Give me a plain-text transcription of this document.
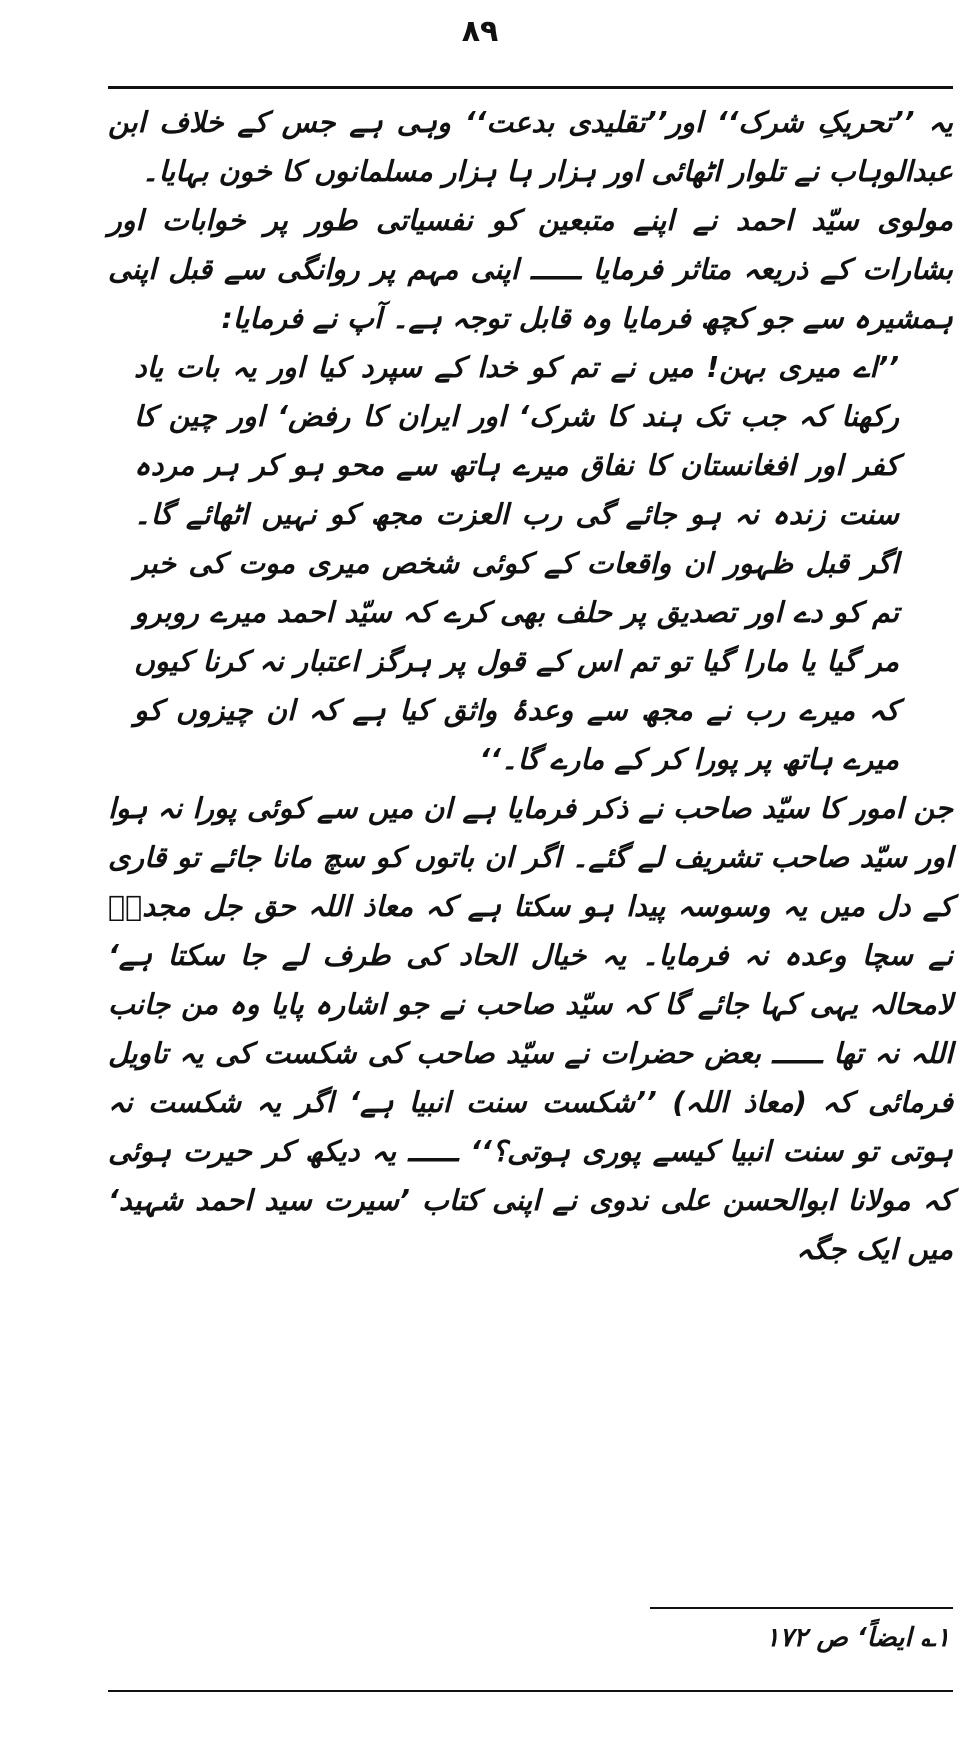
۸۹

یہ ’’تحریکِ شرک‘‘ اور’’تقلیدی بدعت‘‘ وہی ہے جس کے خلاف ابن عبدالوہاب نے تلوار اٹھائی اور ہزار ہا ہزار مسلمانوں کا خون بہایا۔

مولوی سیّد احمد نے اپنے متبعین کو نفسیاتی طور پر خوابات اور بشارات کے ذریعہ متاثر فرمایا ــــــ اپنی مہم پر روانگی سے قبل اپنی ہمشیرہ سے جو کچھ فرمایا وہ قابل توجہ ہے۔ آپ نے فرمایا:

’’اے میری بہن! میں نے تم کو خدا کے سپرد کیا اور یہ بات یاد رکھنا کہ جب تک ہند کا شرک‘ اور ایران کا رفض‘ اور چین کا کفر اور افغانستان کا نفاق میرے ہاتھ سے محو ہو کر ہر مردہ سنت زندہ نہ ہو جائے گی رب العزت مجھ کو نہیں اٹھائے گا۔ اگر قبل ظہور ان واقعات کے کوئی شخص میری موت کی خبر تم کو دے اور تصدیق پر حلف بھی کرے کہ سیّد احمد میرے روبرو مر گیا یا مارا گیا تو تم اس کے قول پر ہرگز اعتبار نہ کرنا کیوں کہ میرے رب نے مجھ سے وعدۂ واثق کیا ہے کہ ان چیزوں کو میرے ہاتھ پر پورا کر کے مارے گا۔‘‘

جن امور کا سیّد صاحب نے ذکر فرمایا ہے ان میں سے کوئی پورا نہ ہوا اور سیّد صاحب تشریف لے گئے۔ اگر ان باتوں کو سچ مانا جائے تو قاری کے دل میں یہ وسوسہ پیدا ہو سکتا ہے کہ معاذ اللہ حق جل مجدہٗ نے سچا وعدہ نہ فرمایا۔ یہ خیال الحاد کی طرف لے جا سکتا ہے‘ لامحالہ یہی کہا جائے گا کہ سیّد صاحب نے جو اشارہ پایا وہ من جانب اللہ نہ تھا ــــــ بعض حضرات نے سیّد صاحب کی شکست کی یہ تاویل فرمائی کہ (معاذ اللہ) ’’شکست سنت انبیا ہے‘ اگر یہ شکست نہ ہوتی تو سنت انبیا کیسے پوری ہوتی؟‘‘ ــــــ یہ دیکھ کر حیرت ہوئی کہ مولانا ابوالحسن علی ندوی نے اپنی کتاب ’سیرت سید احمد شہید‘ میں ایک جگہ

۱؎ ایضاً‘ ص ۱۷۲
